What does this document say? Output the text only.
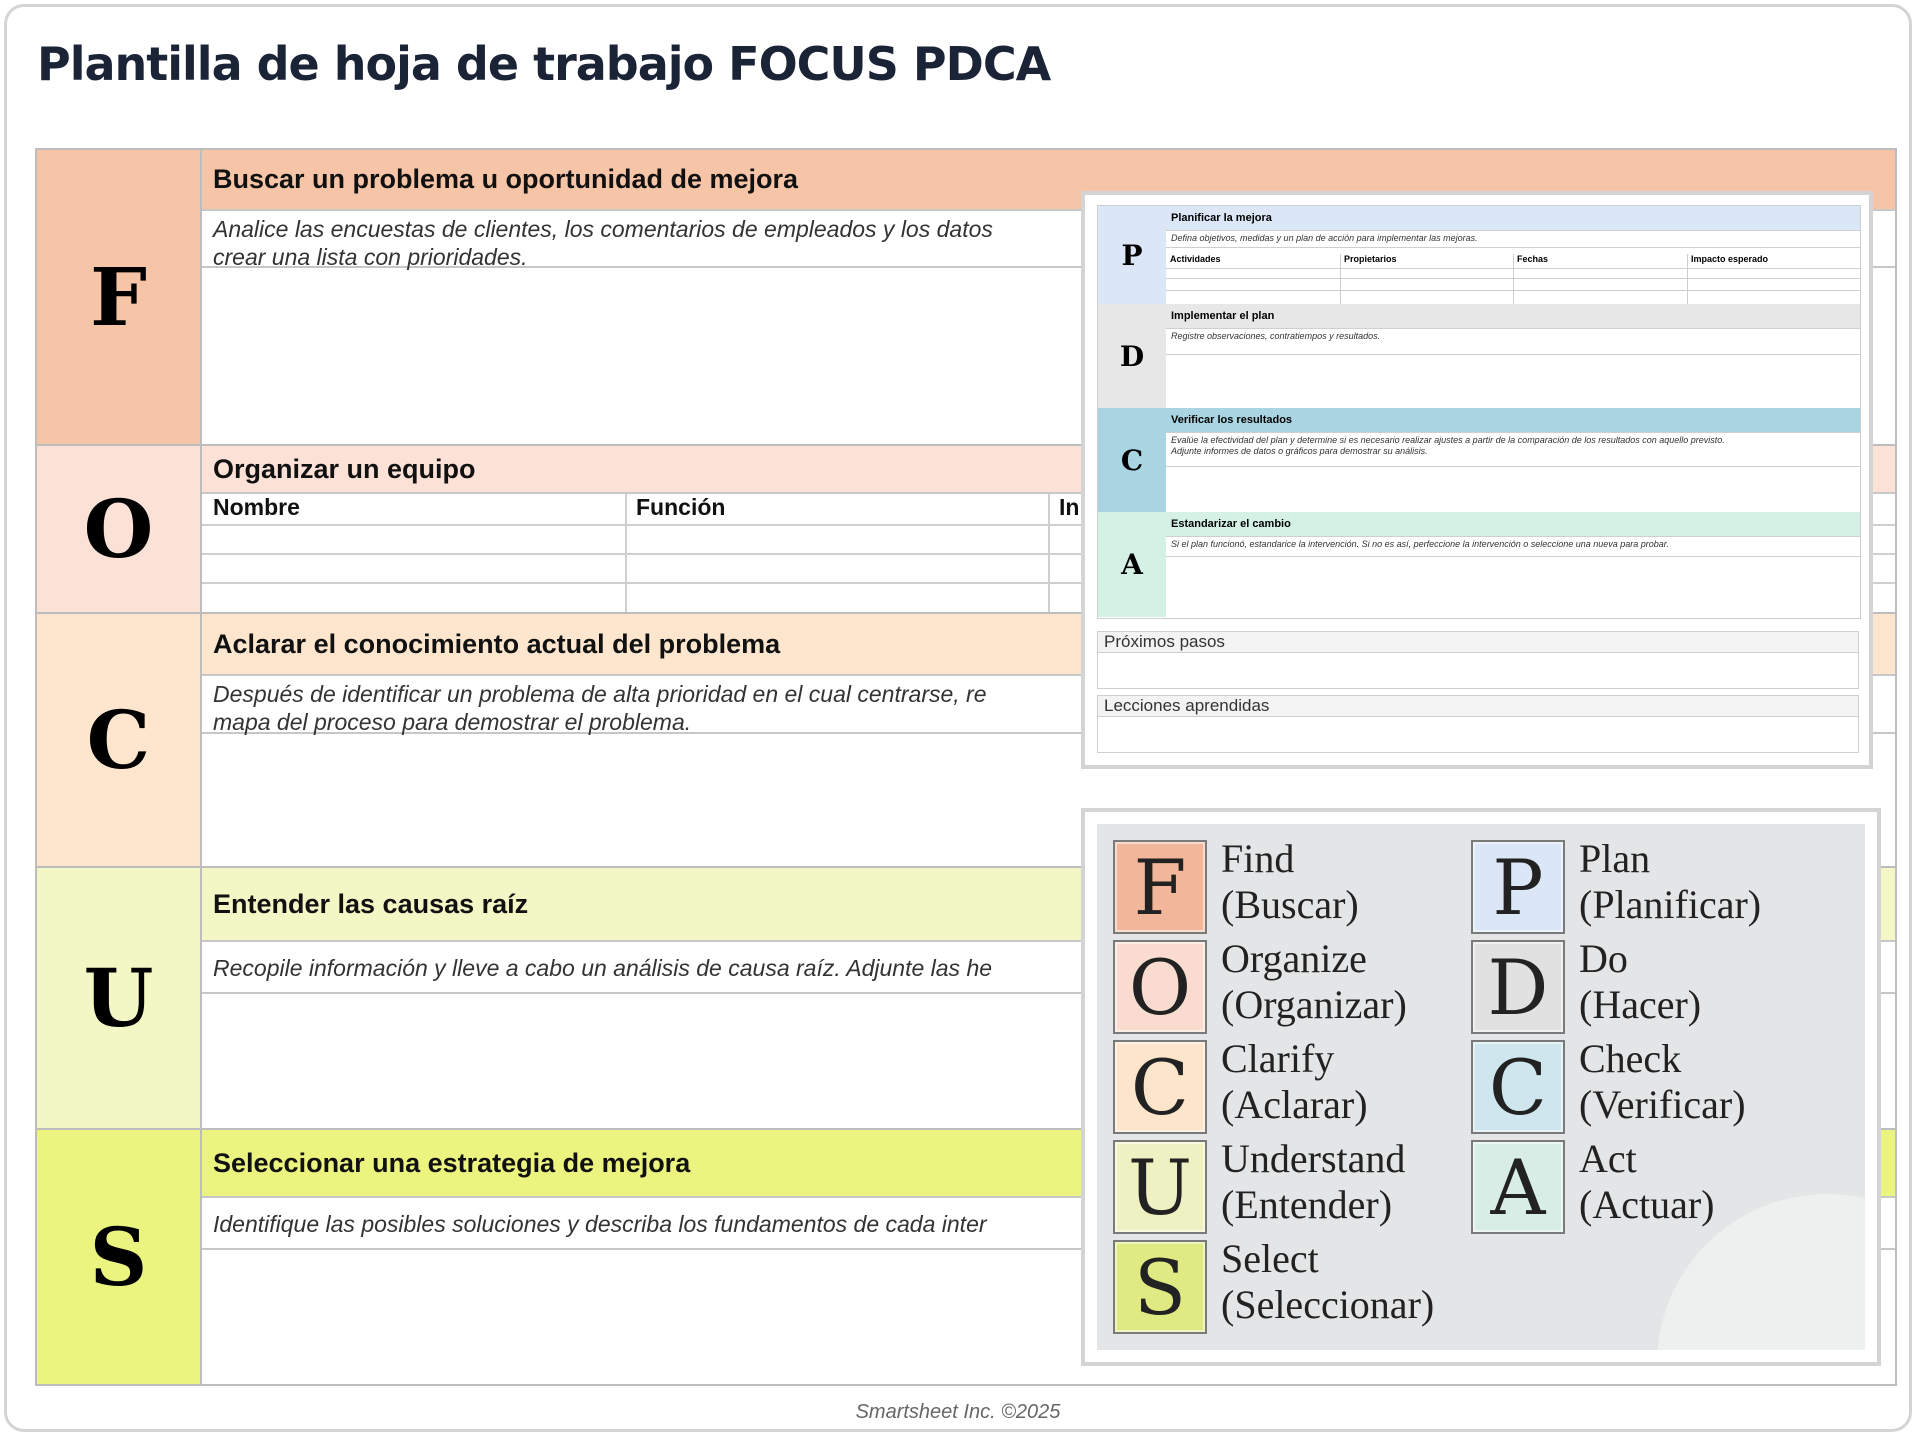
Plantilla de hoja de trabajo FOCUS PDCA
F
Buscar un problema u oportunidad de mejora
Analice las encuestas de clientes, los comentarios de empleados y los datos
crear una lista con prioridades.
O
Organizar un equipo
Nombre	Función	In
C
Aclarar el conocimiento actual del problema
Después de identificar un problema de alta prioridad en el cual centrarse, re
mapa del proceso para demostrar el problema.
U
Entender las causas raíz
Recopile información y lleve a cabo un análisis de causa raíz. Adjunte las he
S
Seleccionar una estrategia de mejora
Identifique las posibles soluciones y describa los fundamentos de cada inter
P
Planificar la mejora
Defina objetivos, medidas y un plan de acción para implementar las mejoras.
Actividades	Propietarios	Fechas	Impacto esperado
D
Implementar el plan
Registre observaciones, contratiempos y resultados.
C
Verificar los resultados
Evalúe la efectividad del plan y determine si es necesario realizar ajustes a partir de la comparación de los resultados con aquello previsto.
Adjunte informes de datos o gráficos para demostrar su análisis.
A
Estandarizar el cambio
Si el plan funcionó, estandarice la intervención. Si no es así, perfeccione la intervención o seleccione una nueva para probar.
Próximos pasos
Lecciones aprendidas
F Find
(Buscar)
O Organize
(Organizar)
C Clarify
(Aclarar)
U Understand
(Entender)
S Select
(Seleccionar)
P Plan
(Planificar)
D Do
(Hacer)
C Check
(Verificar)
A Act
(Actuar)
Smartsheet Inc. ©2025
